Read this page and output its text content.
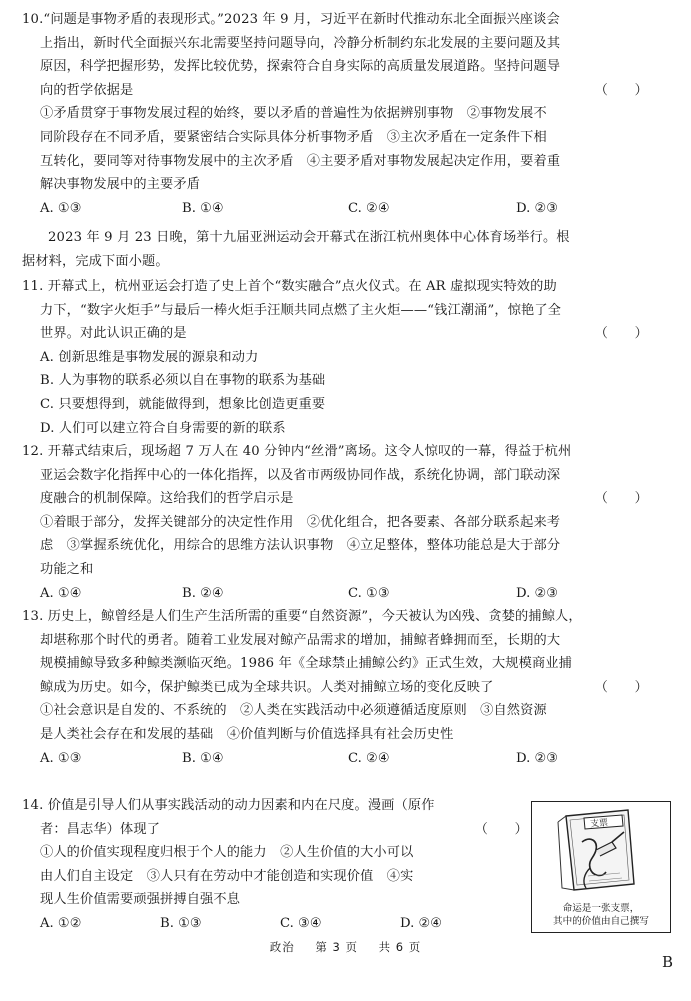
10.“问题是事物矛盾的表现形式。”2023 年 9 月，习近平在新时代推动东北全面振兴座谈会
上指出，新时代全面振兴东北需要坚持问题导向，冷静分析制约东北发展的主要问题及其
原因，科学把握形势，发挥比较优势，探索符合自身实际的高质量发展道路。坚持问题导
向的哲学依据是	（　　）
①矛盾贯穿于事物发展过程的始终，要以矛盾的普遍性为依据辨别事物　②事物发展不
同阶段存在不同矛盾，要紧密结合实际具体分析事物矛盾　③主次矛盾在一定条件下相
互转化，要同等对待事物发展中的主次矛盾　④主要矛盾对事物发展起决定作用，要着重
解决事物发展中的主要矛盾
A. ①③	B. ①④	C. ②④	D. ②③
2023 年 9 月 23 日晚，第十九届亚洲运动会开幕式在浙江杭州奥体中心体育场举行。根
据材料，完成下面小题。
11. 开幕式上，杭州亚运会打造了史上首个“数实融合”点火仪式。在 AR 虚拟现实特效的助
力下，“数字火炬手”与最后一棒火炬手汪顺共同点燃了主火炬——“钱江潮涌”，惊艳了全
世界。对此认识正确的是	（　　）
A. 创新思维是事物发展的源泉和动力
B. 人为事物的联系必须以自在事物的联系为基础
C. 只要想得到，就能做得到，想象比创造更重要
D. 人们可以建立符合自身需要的新的联系
12. 开幕式结束后，现场超 7 万人在 40 分钟内“丝滑”离场。这令人惊叹的一幕，得益于杭州
亚运会数字化指挥中心的一体化指挥，以及省市两级协同作战，系统化协调，部门联动深
度融合的机制保障。这给我们的哲学启示是	（　　）
①着眼于部分，发挥关键部分的决定性作用　②优化组合，把各要素、各部分联系起来考
虑　③掌握系统优化，用综合的思维方法认识事物　④立足整体，整体功能总是大于部分
功能之和
A. ①④	B. ②④	C. ①③	D. ②③
13. 历史上，鲸曾经是人们生产生活所需的重要“自然资源”，今天被认为凶残、贪婪的捕鲸人，
却堪称那个时代的勇者。随着工业发展对鲸产品需求的增加，捕鲸者蜂拥而至，长期的大
规模捕鲸导致多种鲸类濒临灭绝。1986 年《全球禁止捕鲸公约》正式生效，大规模商业捕
鲸成为历史。如今，保护鲸类已成为全球共识。人类对捕鲸立场的变化反映了	（　　）
①社会意识是自发的、不系统的　②人类在实践活动中必须遵循适度原则　③自然资源
是人类社会存在和发展的基础　④价值判断与价值选择具有社会历史性
A. ①③	B. ①④	C. ②④	D. ②③
14. 价值是引导人们从事实践活动的动力因素和内在尺度。漫画（原作
者：昌志华）体现了	（　　）
①人的价值实现程度归根于个人的能力　②人生价值的大小可以
由人们自主设定　③人只有在劳动中才能创造和实现价值　④实
现人生价值需要顽强拼搏自强不息
A. ①②	B. ①③	C. ③④	D. ②④
支票
命运是一张支票，
其中的价值由自己撰写
政治 第 3 页 共 6 页
B
